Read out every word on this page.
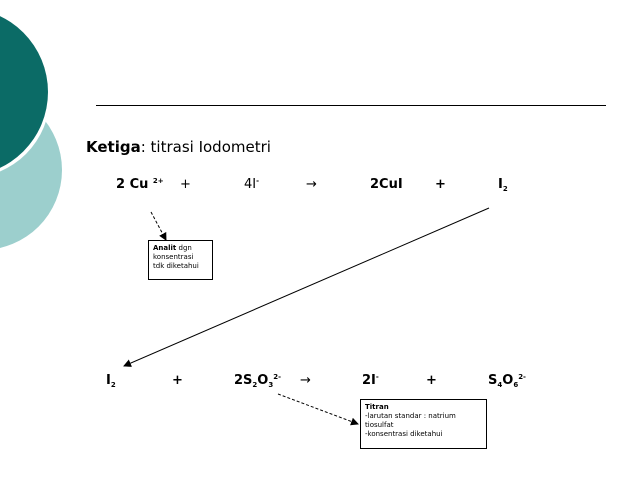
Ketiga: titrasi Iodometri
2 Cu $^{2+}$ +	4I-	→	2CuI +	$I_2$
Analit dgn
konsentrasi
tdk diketahui
$I_2$	+	$2S_2O_3^{2-}$ →	2I-	+	$S_4O_6^{2-}$
Titran
-larutan standar : natrium
tiosulfat
-konsentrasi diketahui
